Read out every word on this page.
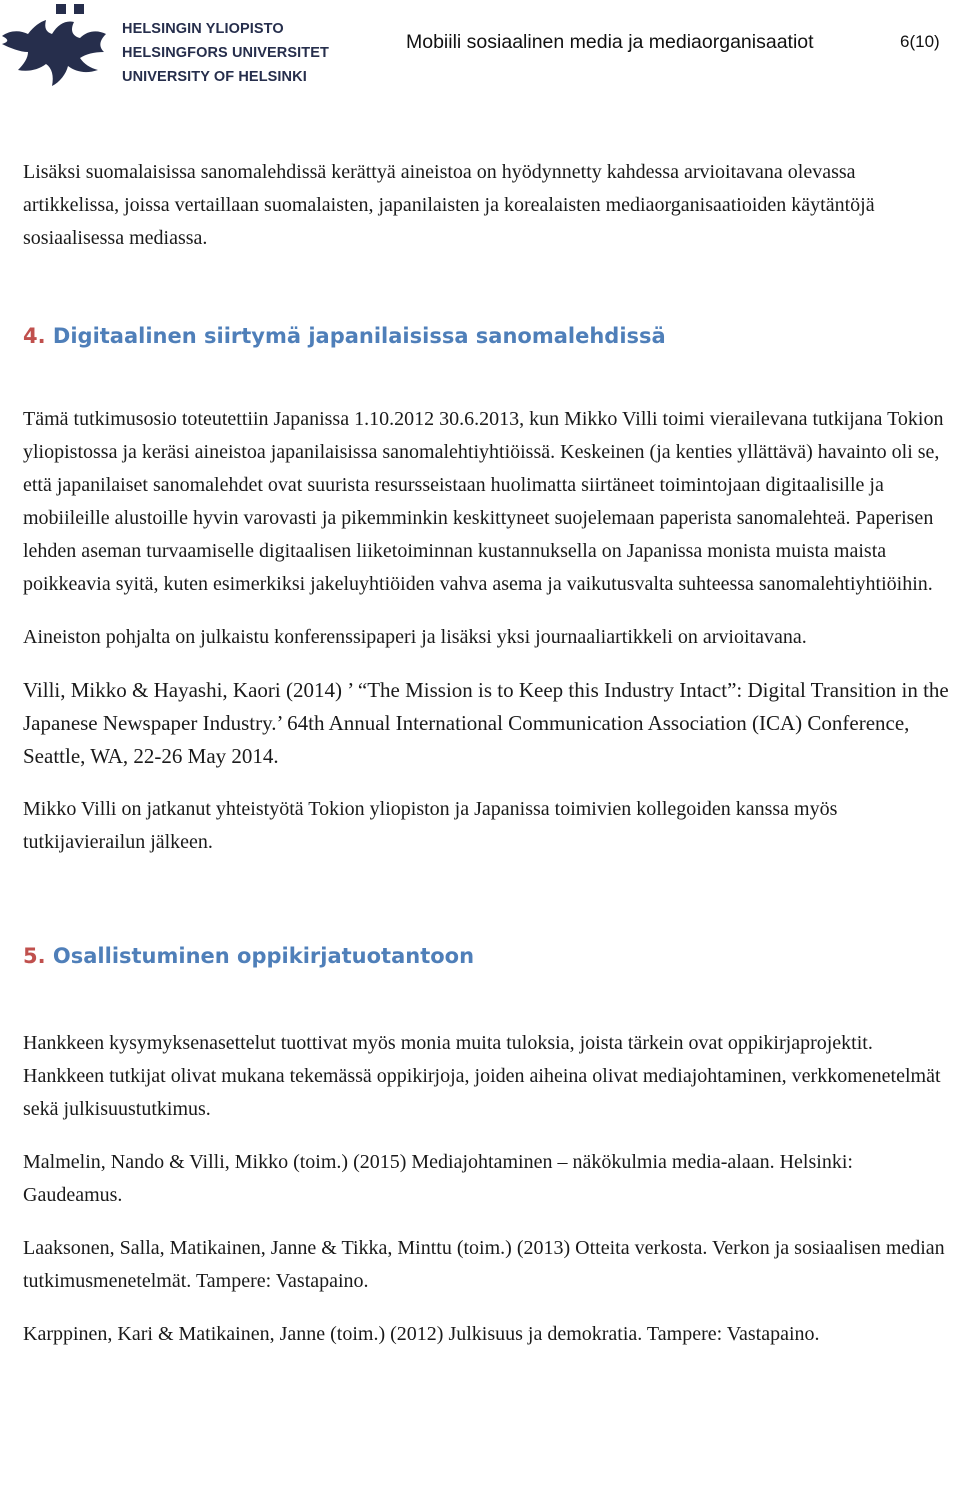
HELSINGIN YLIOPISTO
HELSINGFORS UNIVERSITET
UNIVERSITY OF HELSINKI
Mobiili sosiaalinen media ja mediaorganisaatiot	6(10)

Lisäksi suomalaisissa sanomalehdissä kerättyä aineistoa on hyödynnetty kahdessa arvioitavana olevassa artikkelissa, joissa vertaillaan suomalaisten, japanilaisten ja korealaisten mediaorganisaatioiden käytäntöjä sosiaalisessa mediassa.

4. Digitaalinen siirtymä japanilaisissa sanomalehdissä

Tämä tutkimusosio toteutettiin Japanissa 1.10.2012 30.6.2013, kun Mikko Villi toimi vierailevana tutkijana Tokion yliopistossa ja keräsi aineistoa japanilaisissa sanomalehtiyhtiöissä. Keskeinen (ja kenties yllättävä) havainto oli se, että japanilaiset sanomalehdet ovat suurista resursseistaan huolimatta siirtäneet toimintojaan digitaalisille ja mobiileille alustoille hyvin varovasti ja pikemminkin keskittyneet suojelemaan paperista sanomalehteä. Paperisen lehden aseman turvaamiselle digitaalisen liiketoiminnan kustannuksella on Japanissa monista muista maista poikkeavia syitä, kuten esimerkiksi jakeluyhtiöiden vahva asema ja vaikutusvalta suhteessa sanomalehtiyhtiöihin.

Aineiston pohjalta on julkaistu konferenssipaperi ja lisäksi yksi journaaliartikkeli on arvioitavana.

Villi, Mikko & Hayashi, Kaori (2014) ’ “The Mission is to Keep this Industry Intact”: Digital Transition in the Japanese Newspaper Industry.’ 64th Annual International Communication Association (ICA) Conference, Seattle, WA, 22-26 May 2014.

Mikko Villi on jatkanut yhteistyötä Tokion yliopiston ja Japanissa toimivien kollegoiden kanssa myös tutkijavierailun jälkeen.

5. Osallistuminen oppikirjatuotantoon

Hankkeen kysymyksenasettelut tuottivat myös monia muita tuloksia, joista tärkein ovat oppikirjaprojektit. Hankkeen tutkijat olivat mukana tekemässä oppikirjoja, joiden aiheina olivat mediajohtaminen, verkkomenetelmät sekä julkisuustutkimus.

Malmelin, Nando & Villi, Mikko (toim.) (2015) Mediajohtaminen – näkökulmia media-alaan. Helsinki: Gaudeamus.

Laaksonen, Salla, Matikainen, Janne & Tikka, Minttu (toim.) (2013) Otteita verkosta. Verkon ja sosiaalisen median tutkimusmenetelmät. Tampere: Vastapaino.

Karppinen, Kari & Matikainen, Janne (toim.) (2012) Julkisuus ja demokratia. Tampere: Vastapaino.
